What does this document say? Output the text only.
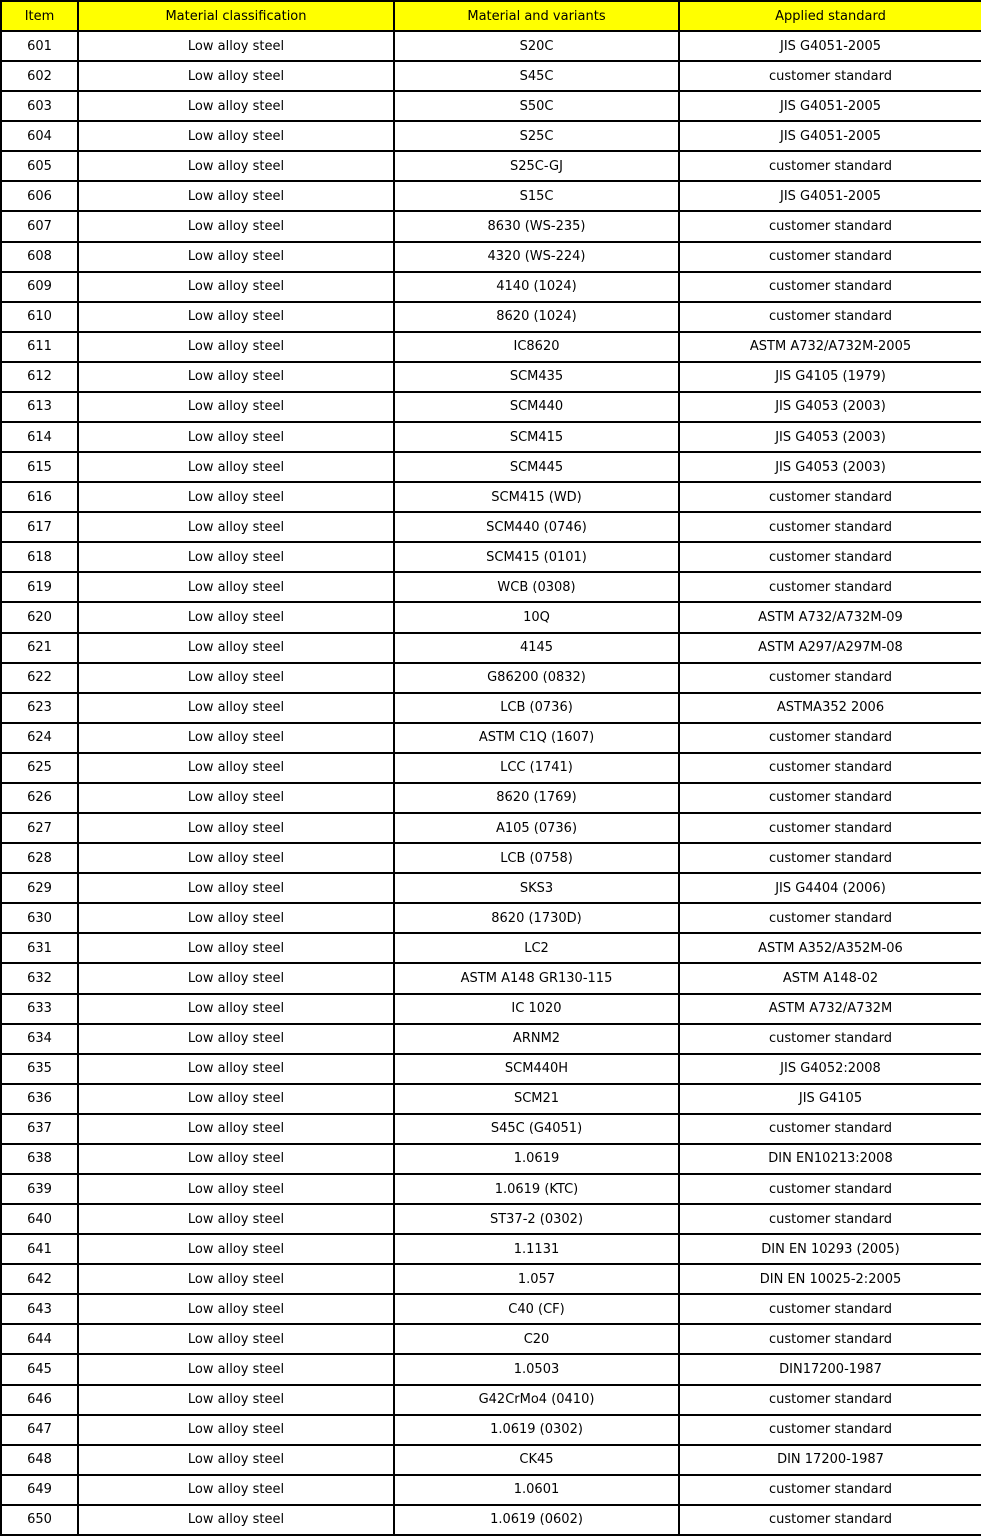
Item	Material classification	Material and variants	Applied standard
601	Low alloy steel	S20C	JIS G4051-2005
602	Low alloy steel	S45C	customer standard
603	Low alloy steel	S50C	JIS G4051-2005
604	Low alloy steel	S25C	JIS G4051-2005
605	Low alloy steel	S25C-GJ	customer standard
606	Low alloy steel	S15C	JIS G4051-2005
607	Low alloy steel	8630 (WS-235)	customer standard
608	Low alloy steel	4320 (WS-224)	customer standard
609	Low alloy steel	4140 (1024)	customer standard
610	Low alloy steel	8620 (1024)	customer standard
611	Low alloy steel	IC8620	ASTM A732/A732M-2005
612	Low alloy steel	SCM435	JIS G4105 (1979)
613	Low alloy steel	SCM440	JIS G4053 (2003)
614	Low alloy steel	SCM415	JIS G4053 (2003)
615	Low alloy steel	SCM445	JIS G4053 (2003)
616	Low alloy steel	SCM415 (WD)	customer standard
617	Low alloy steel	SCM440 (0746)	customer standard
618	Low alloy steel	SCM415 (0101)	customer standard
619	Low alloy steel	WCB (0308)	customer standard
620	Low alloy steel	10Q	ASTM A732/A732M-09
621	Low alloy steel	4145	ASTM A297/A297M-08
622	Low alloy steel	G86200 (0832)	customer standard
623	Low alloy steel	LCB (0736)	ASTMA352 2006
624	Low alloy steel	ASTM C1Q (1607)	customer standard
625	Low alloy steel	LCC (1741)	customer standard
626	Low alloy steel	8620 (1769)	customer standard
627	Low alloy steel	A105 (0736)	customer standard
628	Low alloy steel	LCB (0758)	customer standard
629	Low alloy steel	SKS3	JIS G4404 (2006)
630	Low alloy steel	8620 (1730D)	customer standard
631	Low alloy steel	LC2	ASTM A352/A352M-06
632	Low alloy steel	ASTM A148 GR130-115	ASTM A148-02
633	Low alloy steel	IC 1020	ASTM A732/A732M
634	Low alloy steel	ARNM2	customer standard
635	Low alloy steel	SCM440H	JIS G4052:2008
636	Low alloy steel	SCM21	JIS G4105
637	Low alloy steel	S45C (G4051)	customer standard
638	Low alloy steel	1.0619	DIN EN10213:2008
639	Low alloy steel	1.0619 (KTC)	customer standard
640	Low alloy steel	ST37-2 (0302)	customer standard
641	Low alloy steel	1.1131	DIN EN 10293 (2005)
642	Low alloy steel	1.057	DIN EN 10025-2:2005
643	Low alloy steel	C40 (CF)	customer standard
644	Low alloy steel	C20	customer standard
645	Low alloy steel	1.0503	DIN17200-1987
646	Low alloy steel	G42CrMo4 (0410)	customer standard
647	Low alloy steel	1.0619 (0302)	customer standard
648	Low alloy steel	CK45	DIN 17200-1987
649	Low alloy steel	1.0601	customer standard
650	Low alloy steel	1.0619 (0602)	customer standard
